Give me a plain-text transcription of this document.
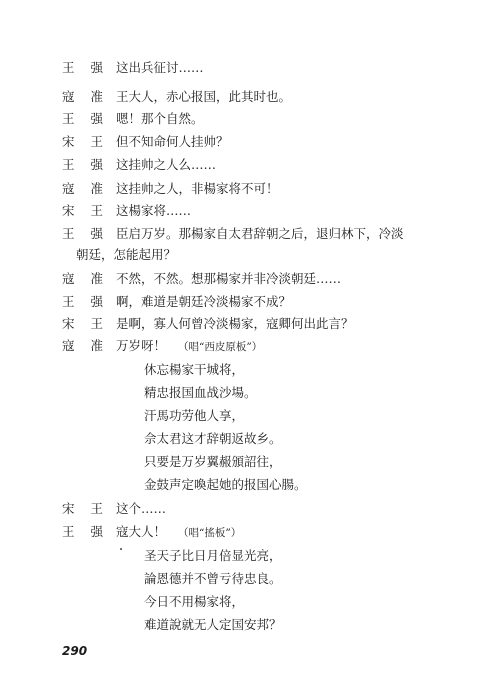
王 强 这出兵征讨……
寇 准 王大人，赤心报国，此其时也。
王 强 嗯！那个自然。
宋 王 但不知命何人挂帅？
王 强 这挂帅之人么……
寇 准 这挂帅之人，非楊家将不可！
宋 王 这楊家将……
王 强 臣启万岁。那楊家自太君辞朝之后，退归林下，冷淡
朝廷，怎能起用？
寇 准 不然，不然。想那楊家并非冷淡朝廷……
王 强 啊，难道是朝廷冷淡楊家不成？
宋 王 是啊，寡人何曾冷淡楊家，寇卿何出此言？
寇 准 万岁呀！ （唱“西皮原板”）
休忘楊家干城将，
精忠报国血战沙場。
汗馬功劳他人享，
佘太君这才辞朝返故乡。
只要是万岁翼赧頒詔往，
金鼓声定喚起她的报国心腸。
宋 王 这个……
王 强 寇大人！ （唱“搖板”）
圣天子比日月倍显光亮，
論恩德并不曾亏待忠良。
今日不用楊家将，
难道說就无人定国安邦？
290
